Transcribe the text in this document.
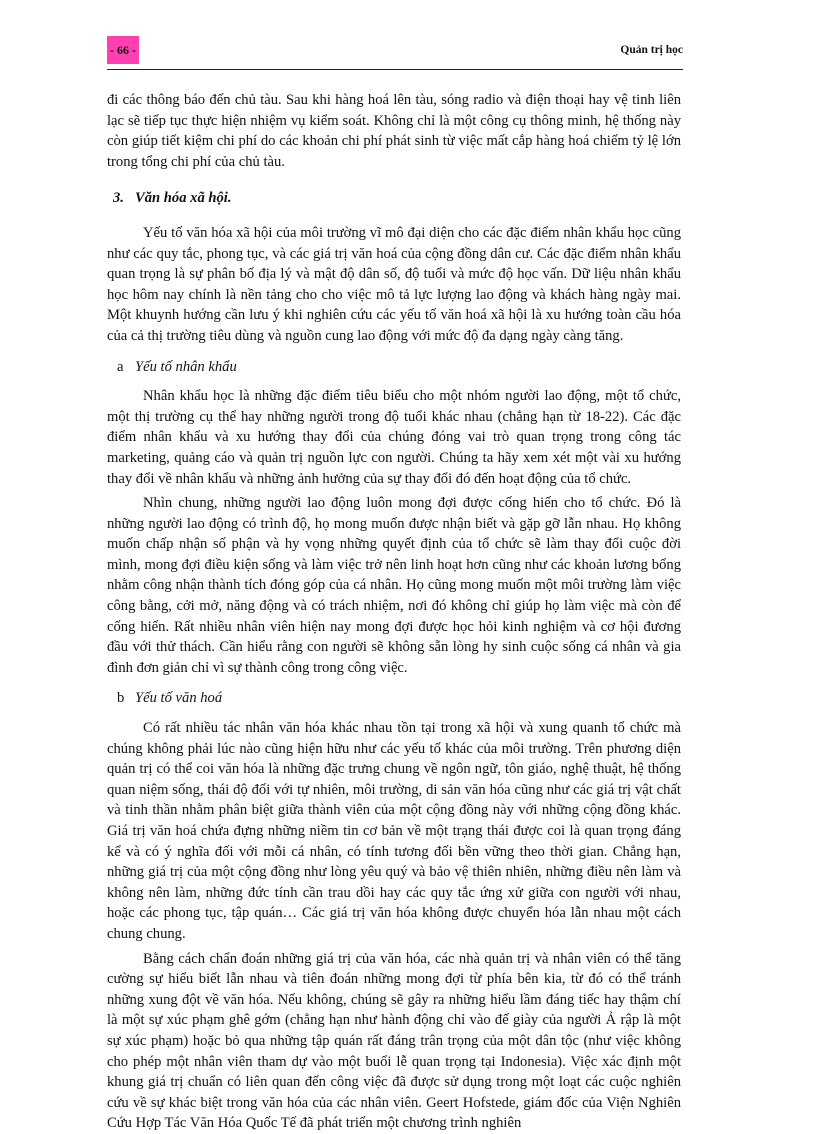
- 66 -	Quản trị học

đi các thông báo đến chủ tàu. Sau khi hàng hoá lên tàu, sóng radio và điện thoại hay vệ tinh liên lạc sẽ tiếp tục thực hiện nhiệm vụ kiểm soát. Không chỉ là một công cụ thông minh, hệ thống này còn giúp tiết kiệm chi phí do các khoản chi phí phát sinh từ việc mất cắp hàng hoá chiếm tỷ lệ lớn trong tổng chi phí của chủ tàu.

3. Văn hóa xã hội.

Yếu tố văn hóa xã hội của môi trường vĩ mô đại diện cho các đặc điểm nhân khẩu học cũng như các quy tắc, phong tục, và các giá trị văn hoá của cộng đồng dân cư. Các đặc điểm nhân khẩu quan trọng là sự phân bố địa lý và mật độ dân số, độ tuổi và mức độ học vấn. Dữ liệu nhân khẩu học hôm nay chính là nền tảng cho cho việc mô tả lực lượng lao động và khách hàng ngày mai. Một khuynh hướng cần lưu ý khi nghiên cứu các yếu tố văn hoá xã hội là xu hướng toàn cầu hóa của cả thị trường tiêu dùng và nguồn cung lao động với mức độ đa dạng ngày càng tăng.

a Yếu tố nhân khẩu

Nhân khẩu học là những đặc điểm tiêu biểu cho một nhóm người lao động, một tổ chức, một thị trường cụ thể hay những người trong độ tuổi khác nhau (chẳng hạn từ 18-22). Các đặc điểm nhân khẩu và xu hướng thay đổi của chúng đóng vai trò quan trọng trong công tác marketing, quảng cáo và quản trị nguồn lực con người. Chúng ta hãy xem xét một vài xu hướng thay đổi về nhân khẩu và những ảnh hưởng của sự thay đổi đó đến hoạt động của tổ chức.

Nhìn chung, những người lao động luôn mong đợi được cống hiến cho tổ chức. Đó là những người lao động có trình độ, họ mong muốn được nhận biết và gặp gỡ lẫn nhau. Họ không muốn chấp nhận số phận và hy vọng những quyết định của tổ chức sẽ làm thay đổi cuộc đời mình, mong đợi điều kiện sống và làm việc trở nên linh hoạt hơn cũng như các khoản lương bổng nhằm công nhận thành tích đóng góp của cá nhân. Họ cũng mong muốn một môi trường làm việc công bằng, cởi mở, năng động và có trách nhiệm, nơi đó không chỉ giúp họ làm việc mà còn để cống hiến. Rất nhiều nhân viên hiện nay mong đợi được học hỏi kinh nghiệm và cơ hội đương đầu với thử thách. Cần hiểu rằng con người sẽ không sẵn lòng hy sinh cuộc sống cá nhân và gia đình đơn giản chỉ vì sự thành công trong công việc.

b Yếu tố văn hoá

Có rất nhiều tác nhân văn hóa khác nhau tồn tại trong xã hội và xung quanh tổ chức mà chúng không phải lúc nào cũng hiện hữu như các yếu tố khác của môi trường. Trên phương diện quản trị có thể coi văn hóa là những đặc trưng chung về ngôn ngữ, tôn giáo, nghệ thuật, hệ thống quan niệm sống, thái độ đối với tự nhiên, môi trường, di sản văn hóa cũng như các giá trị vật chất và tinh thần nhằm phân biệt giữa thành viên của một cộng đồng này với những cộng đồng khác. Giá trị văn hoá chứa đựng những niềm tin cơ bản về một trạng thái được coi là quan trọng đáng kể và có ý nghĩa đối với mỗi cá nhân, có tính tương đối bền vững theo thời gian. Chẳng hạn, những giá trị của một cộng đồng như lòng yêu quý và bảo vệ thiên nhiên, những điều nên làm và không nên làm, những đức tính cần trau dồi hay các quy tắc ứng xử giữa con người với nhau, hoặc các phong tục, tập quán… Các giá trị văn hóa không được chuyển hóa lẫn nhau một cách chung chung.

Bằng cách chẩn đoán những giá trị của văn hóa, các nhà quản trị và nhân viên có thể tăng cường sự hiểu biết lẫn nhau và tiên đoán những mong đợi từ phía bên kia, từ đó có thể tránh những xung đột về văn hóa. Nếu không, chúng sẽ gây ra những hiểu lầm đáng tiếc hay thậm chí là một sự xúc phạm ghê gớm (chẳng hạn như hành động chỉ vào đế giày của người Ả rập là một sự xúc phạm) hoặc bỏ qua những tập quán rất đáng trân trọng của một dân tộc (như việc không cho phép một nhân viên tham dự vào một buổi lễ quan trọng tại Indonesia). Việc xác định một khung giá trị chuẩn có liên quan đến công việc đã được sử dụng trong một loạt các cuộc nghiên cứu về sự khác biệt trong văn hóa của các nhân viên. Geert Hofstede, giám đốc của Viện Nghiên Cứu Hợp Tác Văn Hóa Quốc Tế đã phát triển một chương trình nghiên
